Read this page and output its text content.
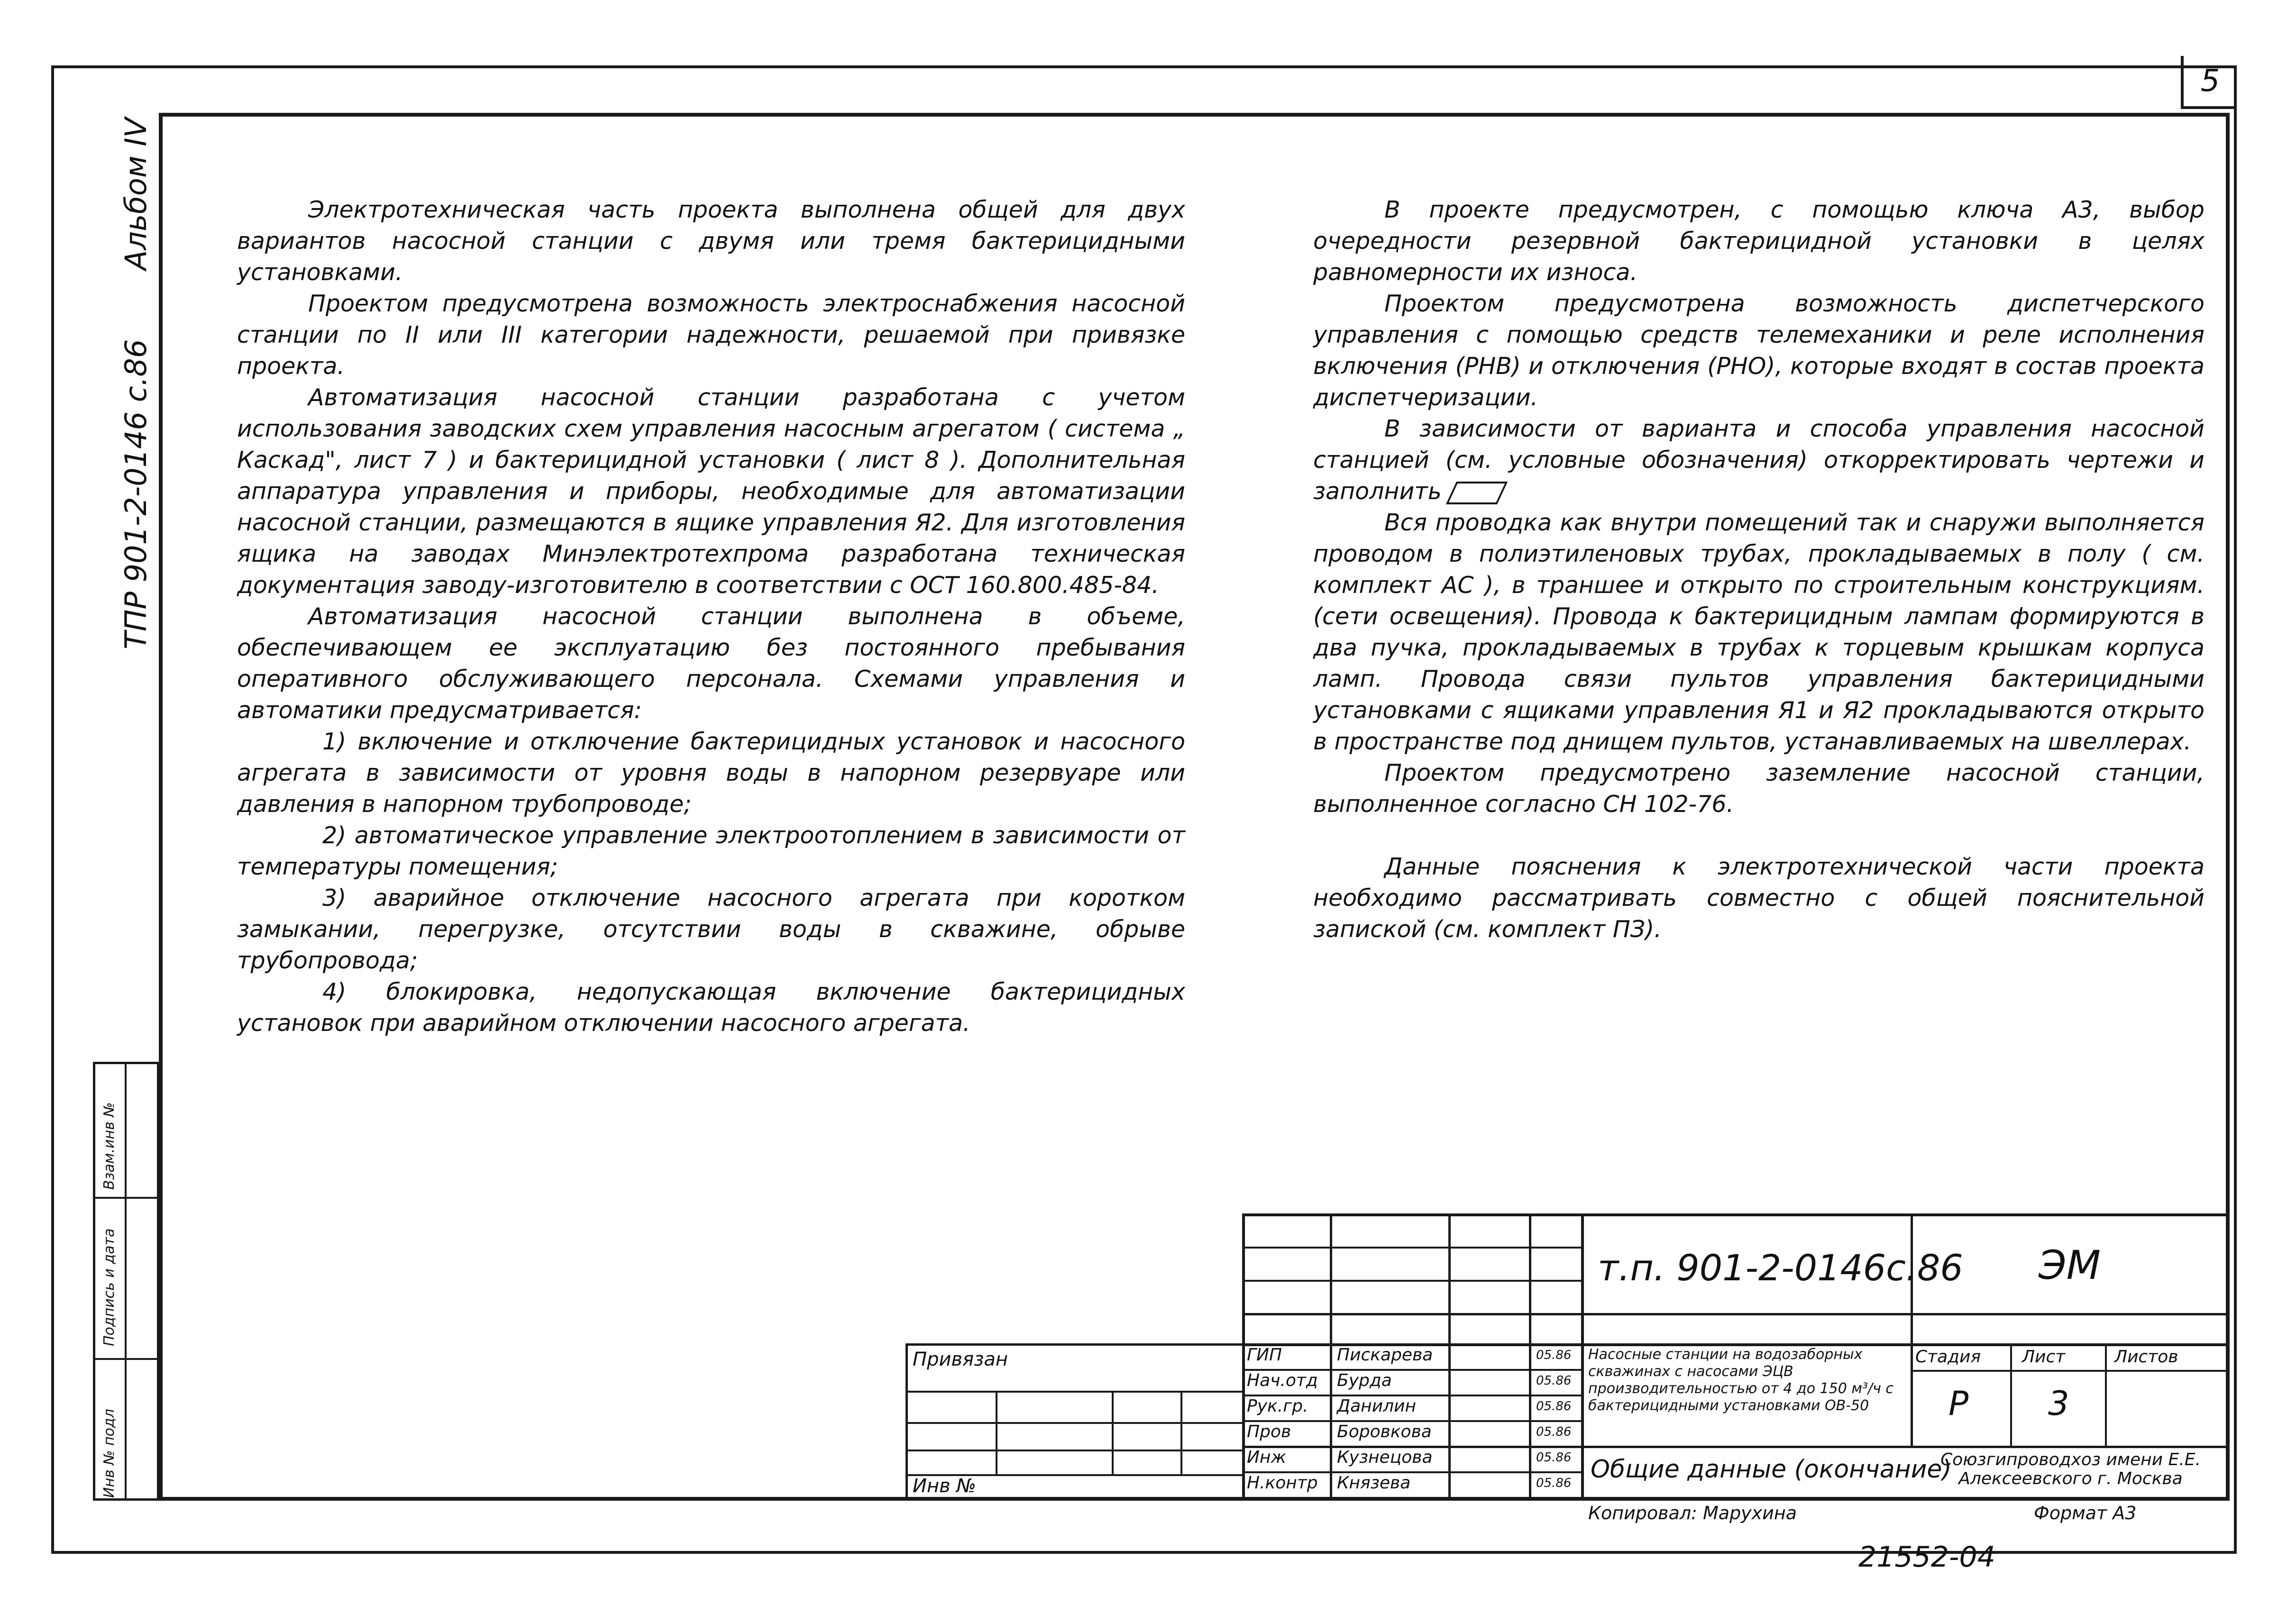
5
Альбом IV
ТПР 901-2-0146 с.86
Инв № подл
Подпись и дата
Взам.инв №

Электротехническая часть проекта выполнена общей для двух вариантов насосной станции с двумя или тремя бактерицидными установками.

Проектом предусмотрена возможность электроснабжения насосной станции по II или III категории надежности, решаемой при привязке проекта.

Автоматизация насосной станции разработана с учетом использования заводских схем управления насосным агрегатом ( система „ Каскад", лист 7 ) и бактерицидной установки ( лист 8 ). Дополнительная аппаратура управления и приборы, необходимые для автоматизации насосной станции, размещаются в ящике управления Я2. Для изготовления ящика на заводах Минэлектротехпрома разработана техническая документация заводу-изготовителю в соответствии с ОСТ 160.800.485-84.

Автоматизация насосной станции выполнена в объеме, обеспечивающем ее эксплуатацию без постоянного пребывания оперативного обслуживающего персонала. Схемами управления и автоматики предусматривается:

1) включение и отключение бактерицидных установок и насосного агрегата в зависимости от уровня воды в напорном резервуаре или давления в напорном трубопроводе;

2) автоматическое управление электроотоплением в зависимости от температуры помещения;

3) аварийное отключение насосного агрегата при коротком замыкании, перегрузке, отсутствии воды в скважине, обрыве трубопровода;

4) блокировка, недопускающая включение бактерицидных установок при аварийном отключении насосного агрегата.

В проекте предусмотрен, с помощью ключа А3, выбор очередности резервной бактерицидной установки в целях равномерности их износа.

Проектом предусмотрена возможность диспетчерского управления с помощью средств телемеханики и реле исполнения включения (РНВ) и отключения (РНО), которые входят в состав проекта диспетчеризации.

В зависимости от варианта и способа управления насосной станцией (см. условные обозначения) откорректировать чертежи и заполнить

Вся проводка как внутри помещений так и снаружи выполняется проводом в полиэтиленовых трубах, прокладываемых в полу ( см. комплект АС ), в траншее и открыто по строительным конструкциям. (сети освещения). Провода к бактерицидным лампам формируются в два пучка, прокладываемых в трубах к торцевым крышкам корпуса ламп. Провода связи пультов управления бактерицидными установками с ящиками управления Я1 и Я2 прокладываются открыто в пространстве под днищем пультов, устанавливаемых на швеллерах.

Проектом предусмотрено заземление насосной станции, выполненное согласно СН 102-76.

Данные пояснения к электротехнической части проекта необходимо рассматривать совместно с общей пояснительной запиской (см. комплект ПЗ).

Привязан
Инв №
т.п. 901-2-0146с.86 ЭМ
ГИП
Нач.отд
Рук.гр.
Пров
Инж
Н.контр
Пискарева
Бурда
Данилин
Боровкова
Кузнецова
Князева
05.86
05.86
05.86
05.86
05.86
05.86
Насосные станции на водозаборных скважинах с насосами ЭЦВ производительностью от 4 до 150 м³/ч с бактерицидными установками ОВ-50
Стадия Лист	Листов
Р 3
Общие данные (окончание)
Союзгипроводхоз имени Е.Е. Алексеевского г. Москва
Копировал: Марухина	Формат А3
21552-04
